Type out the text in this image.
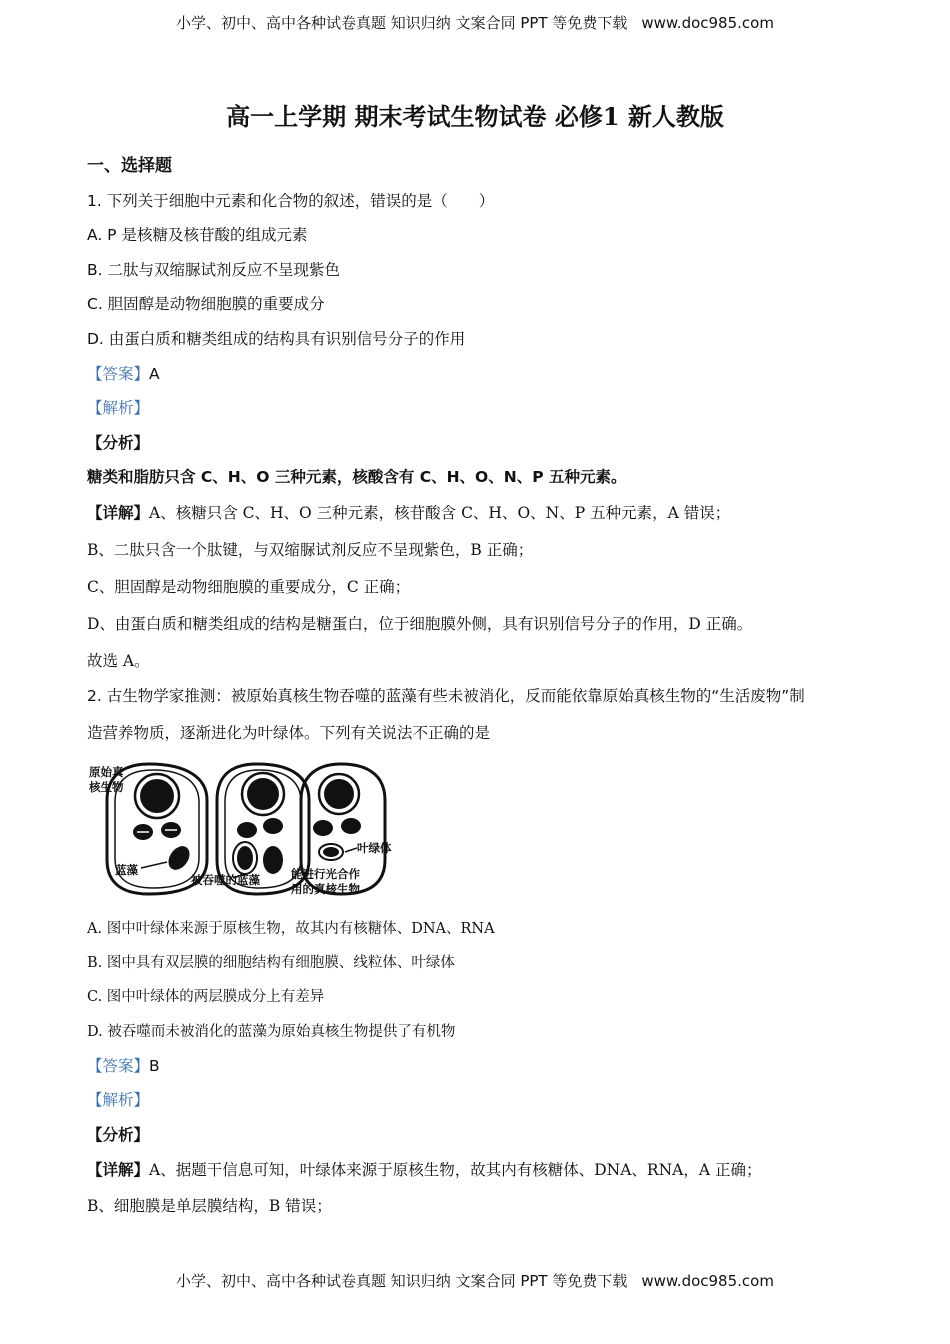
小学、初中、高中各种试卷真题 知识归纳 文案合同 PPT 等免费下载 www.doc985.com
高一上学期 期末考试生物试卷 必修1 新人教版
一、选择题
1. 下列关于细胞中元素和化合物的叙述，错误的是（　　）
A. P 是核糖及核苷酸的组成元素
B. 二肽与双缩脲试剂反应不呈现紫色
C. 胆固醇是动物细胞膜的重要成分
D. 由蛋白质和糖类组成的结构具有识别信号分子的作用
【答案】A
【解析】
【分析】
糖类和脂肪只含 C、H、O 三种元素，核酸含有 C、H、O、N、P 五种元素。
【详解】A、核糖只含 C、H、O 三种元素，核苷酸含 C、H、O、N、P 五种元素，A 错误；
B、二肽只含一个肽键，与双缩脲试剂反应不呈现紫色，B 正确；
C、胆固醇是动物细胞膜的重要成分，C 正确；
D、由蛋白质和糖类组成的结构是糖蛋白，位于细胞膜外侧，具有识别信号分子的作用，D 正确。
故选 A。
2. 古生物学家推测：被原始真核生物吞噬的蓝藻有些未被消化，反而能依靠原始真核生物的“生活废物”制
造营养物质，逐渐进化为叶绿体。下列有关说法不正确的是
原始真
核生物
蓝藻
被吞噬的蓝藻
叶绿体
能进行光合作
用的真核生物
A. 图中叶绿体来源于原核生物，故其内有核糖体、DNA、RNA
B. 图中具有双层膜的细胞结构有细胞膜、线粒体、叶绿体
C. 图中叶绿体的两层膜成分上有差异
D. 被吞噬而未被消化的蓝藻为原始真核生物提供了有机物
【答案】B
【解析】
【分析】
【详解】A、据题干信息可知，叶绿体来源于原核生物，故其内有核糖体、DNA、RNA，A 正确；
B、细胞膜是单层膜结构，B 错误；
小学、初中、高中各种试卷真题 知识归纳 文案合同 PPT 等免费下载 www.doc985.com
